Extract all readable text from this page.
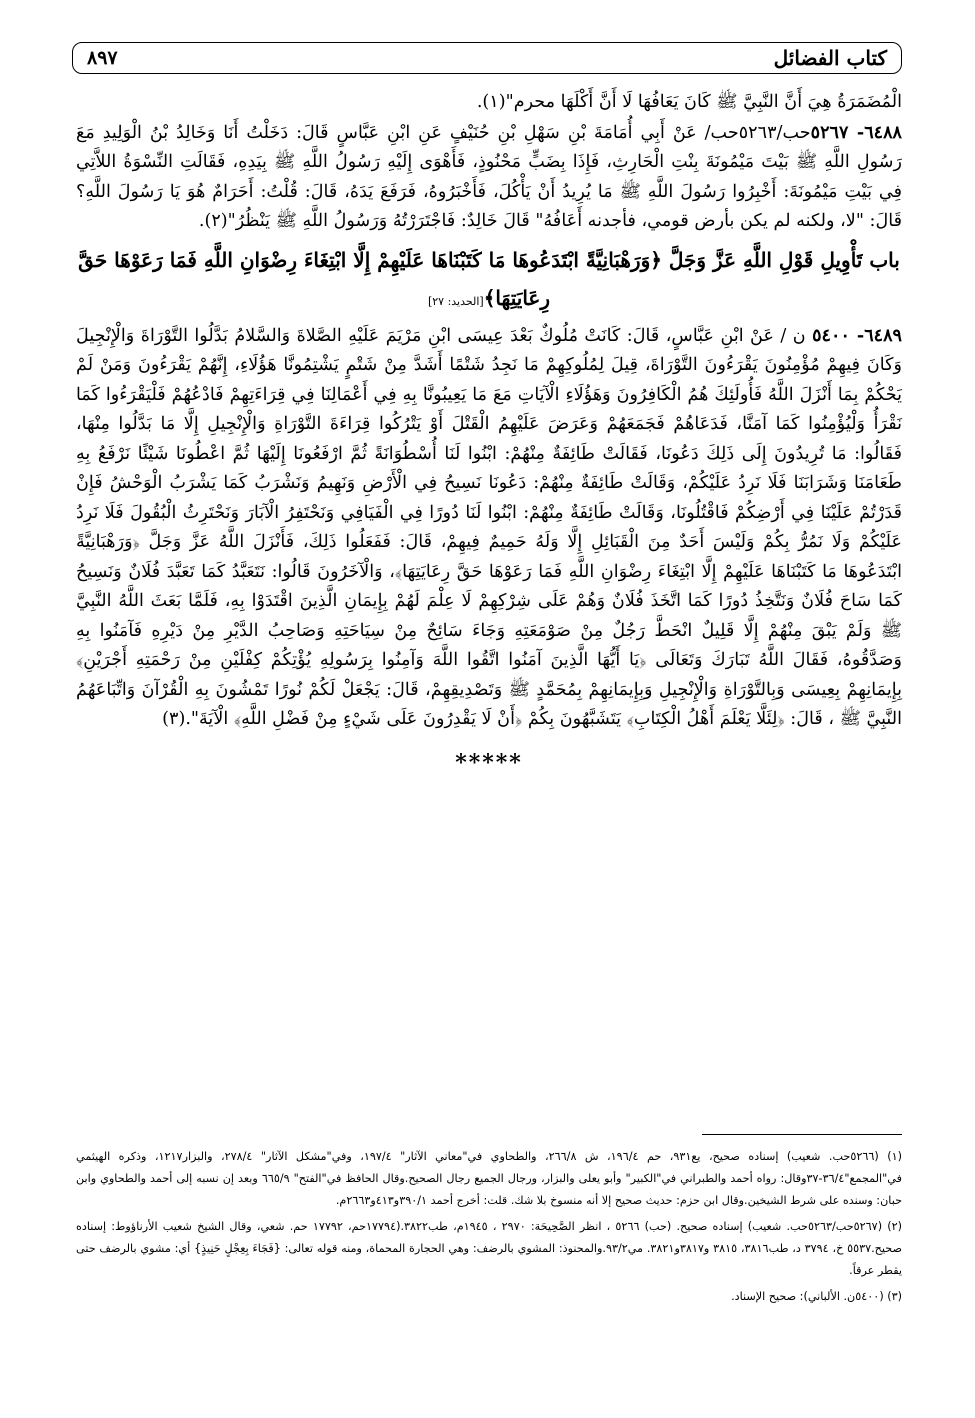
كتاب الفضائل
٨٩٧

الْمُضَمَرَةُ هِيَ أَنَّ النَّبِيَّ ﷺ كَانَ يَعَافُهَا لَا أَنَّ أَكْلَهَا محرم"(١).

٦٤٨٨- ٥٢٦٧حب/٥٢٦٣حب/ عَنْ أَبِي أُمَامَةَ بْنِ سَهْلِ بْنِ حُنَيْفٍ عَنِ ابْنِ عَبَّاسٍ قَالَ: دَخَلْتُ أَنَا وَخَالِدُ بْنُ الْوَلِيدِ مَعَ رَسُولِ اللَّهِ ﷺ بَيْتَ مَيْمُونَةَ بِنْتِ الْحَارِثِ، فَإِذَا بِضَبٍّ مَحْنُوذٍ، فَأَهْوَى إِلَيْهِ رَسُولُ اللَّهِ ﷺ بِيَدِهِ، فَقَالَتِ النِّسْوَةُ اللاَّتِي فِي بَيْتِ مَيْمُونَةَ: أَخْبِرُوا رَسُولَ اللَّهِ ﷺ مَا يُرِيدُ أَنْ يَأْكُلَ، فَأَخْبَرُوهُ، فَرَفَعَ يَدَهُ، قَالَ: قُلْتُ: أَحَرَامٌ هُوَ يَا رَسُولَ اللَّهِ؟ قَالَ: "لا، ولكنه لم يكن بأرض قومي، فأجدنه أَعَافُهُ" قَالَ خَالِدٌ: فَاجْتَرَرْتُهُ وَرَسُولُ اللَّهِ ﷺ يَنْظُرُ"(٢).

باب تَأْوِيلِ قَوْلِ اللَّهِ عَزَّ وَجَلَّ ﴿وَرَهْبَانِيَّةً ابْتَدَعُوهَا مَا كَتَبْنَاهَا عَلَيْهِمْ إِلَّا ابْتِغَاءَ رِضْوَانِ اللَّهِ فَمَا رَعَوْهَا حَقَّ رِعَايَتِهَا﴾[الحديد: ٢٧]

٦٤٨٩- ٥٤٠٠ ن / عَنْ ابْنِ عَبَّاسٍ، قَالَ: كَانَتْ مُلُوكٌ بَعْدَ عِيسَى ابْنِ مَرْيَمَ عَلَيْهِ الصَّلاةَ وَالسَّلامُ بَدَّلُوا التَّوْرَاةَ وَالْإِنْجِيلَ وَكَانَ فِيهِمْ مُؤْمِنُونَ يَقْرَءُونَ التَّوْرَاةَ، قِيلَ لِمُلُوكِهِمْ مَا نَجِدُ شَتْمًا أَشَدَّ مِنْ شَتْمٍ يَشْتِمُونَّا هَؤُلَاءِ، إِنَّهُمْ يَقْرَءُونَ وَمَنْ لَمْ يَحْكُمْ بِمَا أَنْزَلَ اللَّهُ فَأُولَئِكَ هُمُ الْكَافِرُونَ وَهَؤُلَاءِ الْآيَاتِ مَعَ مَا يَعِيبُونَّا بِهِ فِي أَعْمَالِنَا فِي قِرَاءَتِهِمْ فَادْعُهُمْ فَلْيَقْرَءُوا كَمَا نَقْرَأُ وَلْيُؤْمِنُوا كَمَا آمَنَّا، فَدَعَاهُمْ فَجَمَعَهُمْ وَعَرَضَ عَلَيْهِمُ الْقَتْلَ أَوْ يَتْرُكُوا قِرَاءَةَ التَّوْرَاةِ وَالْإِنْجِيلِ إِلَّا مَا بَدَّلُوا مِنْهَا، فَقَالُوا: مَا تُرِيدُونَ إِلَى ذَلِكَ دَعُونَا، فَقَالَتْ طَائِفَةٌ مِنْهُمْ: ابْنُوا لَنَا أُسْطُوَانَةً ثُمَّ ارْفَعُونَا إِلَيْهَا ثُمَّ اعْطُونَا شَيْئًا نَرْفَعُ بِهِ طَعَامَنَا وَشَرَابَنَا فَلَا نَرِدُ عَلَيْكُمْ، وَقَالَتْ طَائِفَةٌ مِنْهُمْ: دَعُونَا نَسِيحُ فِي الْأَرْضِ وَنَهِيمُ وَنَشْرَبُ كَمَا يَشْرَبُ الْوَحْشُ فَإِنْ قَدَرْتُمْ عَلَيْنَا فِي أَرْضِكُمْ فَاقْتُلُونَا، وَقَالَتْ طَائِفَةٌ مِنْهُمْ: ابْنُوا لَنَا دُورًا فِي الْفَيَافِي وَنَحْتَفِرُ الْآبَارَ وَنَحْتَرِثُ الْبُقُولَ فَلَا نَرِدُ عَلَيْكُمْ وَلَا نَمُرُّ بِكُمْ وَلَيْسَ أَحَدٌ مِنَ الْقَبَائِلِ إِلَّا وَلَهُ حَمِيمٌ فِيهِمْ، قَالَ: فَفَعَلُوا ذَلِكَ، فَأَنْزَلَ اللَّهُ عَزَّ وَجَلَّ ﴿وَرَهْبَانِيَّةً ابْتَدَعُوهَا مَا كَتَبْنَاهَا عَلَيْهِمْ إِلَّا ابْتِغَاءَ رِضْوَانِ اللَّهِ فَمَا رَعَوْهَا حَقَّ رِعَايَتِهَا﴾، وَالْآخَرُونَ قَالُوا: نَتَعَبَّدُ كَمَا تَعَبَّدَ فُلَانٌ وَنَسِيحُ كَمَا سَاحَ فُلَانٌ وَنَتَّخِذُ دُورًا كَمَا اتَّخَذَ فُلَانٌ وَهُمْ عَلَى شِرْكِهِمْ لَا عِلْمَ لَهُمْ بِإِيمَانِ الَّذِينَ اقْتَدَوْا بِهِ، فَلَمَّا بَعَثَ اللَّهُ النَّبِيَّ ﷺ وَلَمْ يَبْقَ مِنْهُمْ إِلَّا قَلِيلٌ انْحَطَّ رَجُلٌ مِنْ صَوْمَعَتِهِ وَجَاءَ سَائِحٌ مِنْ سِيَاحَتِهِ وَصَاحِبُ الدَّيْرِ مِنْ دَيْرِهِ فَآمَنُوا بِهِ وَصَدَّقُوهُ، فَقَالَ اللَّهُ تَبَارَكَ وَتَعَالَى ﴿يَا أَيُّهَا الَّذِينَ آمَنُوا اتَّقُوا اللَّهَ وَآمِنُوا بِرَسُولِهِ يُؤْتِكُمْ كِفْلَيْنِ مِنْ رَحْمَتِهِ أَجْرَيْنِ﴾ بِإِيمَانِهِمْ بِعِيسَى وَبِالتَّوْرَاةِ وَالْإِنْجِيلِ وَبِإِيمَانِهِمْ بِمُحَمَّدٍ ﷺ وَتَصْدِيقِهِمْ، قَالَ: يَجْعَلْ لَكُمْ نُورًا تَمْشُونَ بِهِ الْقُرْآنَ وَاتِّبَاعَهُمُ النَّبِيَّ ﷺ ، قَالَ: ﴿لِئَلَّا يَعْلَمَ أَهْلُ الْكِتَابِ﴾ يَتَشَبَّهُونَ بِكُمْ ﴿أَنْ لَا يَقْدِرُونَ عَلَى شَيْءٍ مِنْ فَضْلِ اللَّهِ﴾ الْآيَةَ".(٣)

*****

(١) (٥٢٦٦حب. شعيب) إسناده صحيح، يع٩٣١، حم ١٩٦/٤، ش ٢٦٦/٨، والطحاوي في"معاني الآثار" ١٩٧/٤، وفي"مشكل الآثار" ٢٧٨/٤، والبزار١٢١٧، وذكره الهيثمي في"المجمع"٣٦/٤-٣٧وقال: رواه أحمد والطبراني في"الكبير" وأبو يعلى والبزار، ورجال الجميع رجال الصحيح.وقال الحافظ في"الفتح" ٦٦٥/٩ وبعد إن نسبه إلى أحمد والطحاوي وابن حبان: وسنده على شرط الشيخين.وقال ابن حزم: حديث صحيح إلا أنه منسوخ بلا شك. قلت: أخرج أحمد ٣٩٠/١و٤١٣و٢٦٦٣م.

(٢) (٥٢٦٧حب/٥٢٦٣حب. شعيب) إسناده صحيح. (حب) ٥٢٦٦ ، انظر الصَّحِيحَة: ٢٩٧٠ ، ١٩٤٥م، طب٣٨٢٢.(١٧٧٩٤حم، ١٧٧٩٢ حم. شعي، وقال الشيخ شعيب الأرناؤوط: إسناده صحيح.٥٥٣٧ خ، ٣٧٩٤ د، طب٣٨١٦، ٣٨١٥ و٣٨١٧و٣٨٢١. مي٩٣/٢.والمحنوذ: المشوي بالرضف: وهي الحجارة المحماة، ومنه قوله تعالى: {فَجَاءَ بِعِجْلٍ حَنِيذٍ} أي: مشوي بالرضف حتى يقطر عرقاً.

(٣) (٥٤٠٠ن. الألباني): صحيح الإسناد.
